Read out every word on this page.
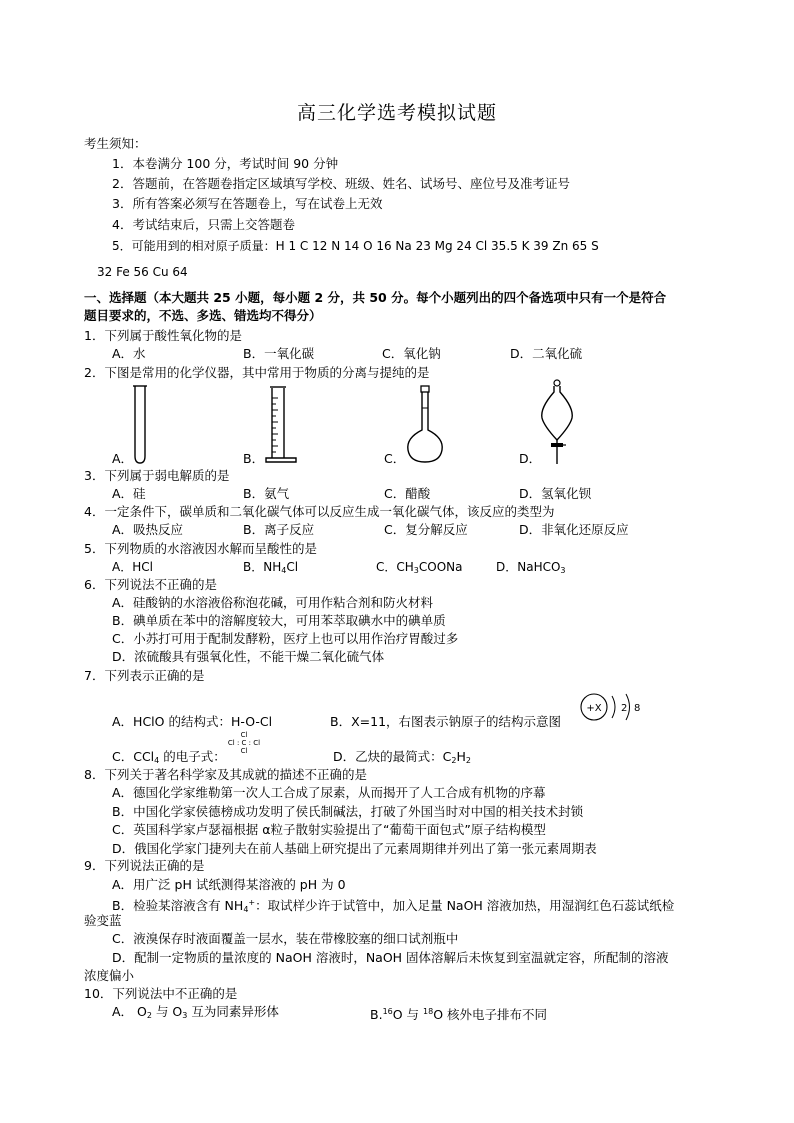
高三化学选考模拟试题
考生须知：
1．本卷满分 100 分，考试时间 90 分钟
2．答题前，在答题卷指定区域填写学校、班级、姓名、试场号、座位号及准考证号
3．所有答案必须写在答题卷上，写在试卷上无效
4．考试结束后，只需上交答题卷
5．可能用到的相对原子质量：H 1 C 12 N 14 O 16 Na 23 Mg 24 Cl 35.5 K 39 Zn 65 S
32 Fe 56 Cu 64
一、选择题（本大题共 25 小题，每小题 2 分，共 50 分。每个小题列出的四个备选项中只有一个是符合
题目要求的，不选、多选、错选均不得分）
1．下列属于酸性氧化物的是
A．水	B．一氧化碳	C．氧化钠	D．二氧化硫
2．下图是常用的化学仪器，其中常用于物质的分离与提纯的是
A．	B．	C．	D．
3．下列属于弱电解质的是
A．硅	B．氨气	C．醋酸	D．氢氧化钡
4．一定条件下，碳单质和二氧化碳气体可以反应生成一氧化碳气体，该反应的类型为
A．吸热反应	B．离子反应	C．复分解反应	D．非氧化还原反应
5．下列物质的水溶液因水解而呈酸性的是
A．HCl	B．$NH_4Cl$	C．$CH_3COONa$	D．NaHCO$_3$
6．下列说法不正确的是
A．硅酸钠的水溶液俗称泡花碱，可用作粘合剂和防火材料
B．碘单质在苯中的溶解度较大，可用苯萃取碘水中的碘单质
C．小苏打可用于配制发酵粉，医疗上也可以用作治疗胃酸过多
D．浓硫酸具有强氧化性，不能干燥二氧化硫气体
7．下列表示正确的是
+X 2 8
A．HClO 的结构式：H-O-Cl	B．X=11，右图表示钠原子的结构示意图
C．CCl$_4$ 的电子式：
Cl
Cl : C : Cl
Cl	D．乙炔的最简式：$C_2H_2$
8．下列关于著名科学家及其成就的描述不正确的是
A．德国化学家维勒第一次人工合成了尿素，从而揭开了人工合成有机物的序幕
B．中国化学家侯德榜成功发明了侯氏制碱法，打破了外国当时对中国的相关技术封锁
C．英国科学家卢瑟福根据 α粒子散射实验提出了“葡萄干面包式”原子结构模型
D．俄国化学家门捷列夫在前人基础上研究提出了元素周期律并列出了第一张元素周期表
9．下列说法正确的是
A．用广泛 pH 试纸测得某溶液的 pH 为 0
B．检验某溶液含有 $NH_4^+$：取试样少许于试管中，加入足量 NaOH 溶液加热，用湿润红色石蕊试纸检
验变蓝
C．液溴保存时液面覆盖一层水，装在带橡胶塞的细口试剂瓶中
D．配制一定物质的量浓度的 NaOH 溶液时，NaOH 固体溶解后未恢复到室温就定容，所配制的溶液
浓度偏小
10．下列说法中不正确的是
A． $O_2$ 与 $O_3$ 互为同素异形体	B.$^{16}$O 与 $^{18}$O 核外电子排布不同
